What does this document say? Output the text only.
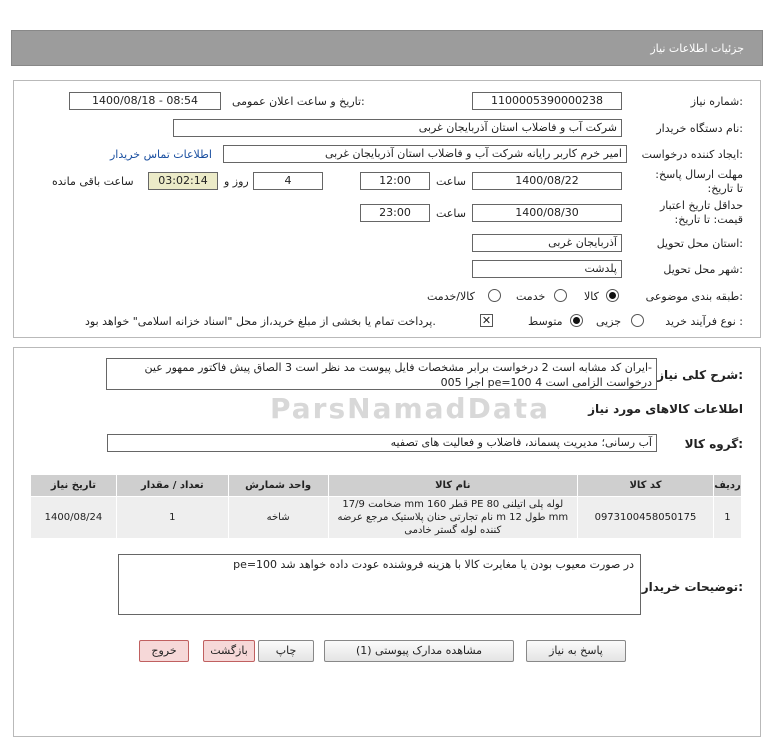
جزئیات اطلاعات نیاز
شماره نیاز:
1100005390000238
تاریخ و ساعت اعلان عمومی:
1400/08/18 - 08:54
نام دستگاه خریدار:
شرکت آب و فاضلاب استان آذربایجان غربی
ایجاد کننده درخواست:
امیر خرم کاربر رایانه شرکت آب و فاضلاب استان آذربایجان غربی
اطلاعات تماس خریدار
مهلت ارسال پاسخ: تا تاریخ:
1400/08/22
ساعت
12:00
4
روز و
03:02:14
ساعت باقی مانده
حداقل تاریخ اعتبار قیمت: تا تاریخ:
1400/08/30
ساعت
23:00
استان محل تحویل:
آذربایجان غربی
شهر محل تحویل:
پلدشت
طبقه بندی موضوعی:
کالا
خدمت
کالا/خدمت
نوع فرآیند خرید :
جزیی
متوسط
✕
پرداخت تمام یا بخشی از مبلغ خرید،از محل "اسناد خزانه اسلامی" خواهد بود.
ParsNamadData
شرح کلی نیاز:
-ایران کد مشابه است 2 درخواست برابر مشخصات فایل پیوست مد نظر است 3 الصاق پیش فاکتور ممهور عین درخواست الزامی است 4 pe=100 اجرا 005
اطلاعات کالاهای مورد نیاز
گروه کالا:
آب رسانی؛ مدیریت پسماند، فاضلاب و فعالیت های تصفیه
تاریخ نیاز	تعداد / مقدار	واحد شمارش	نام کالا	کد کالا	ردیف
1400/08/24	1	شاخه	لوله پلی اتیلنی PE 80 قطر 160 mm ضخامت 17/9 mm طول 12 m نام تجارتی حنان پلاستیک مرجع عرضه کننده لوله گستر خادمی	0973100458050175	1
توضیحات خریدار:
در صورت معیوب بودن یا مغایرت کالا با هزینه فروشنده عودت داده خواهد شد pe=100
پاسخ به نیاز
مشاهده مدارک پیوستی (1)
چاپ
بازگشت
خروج
